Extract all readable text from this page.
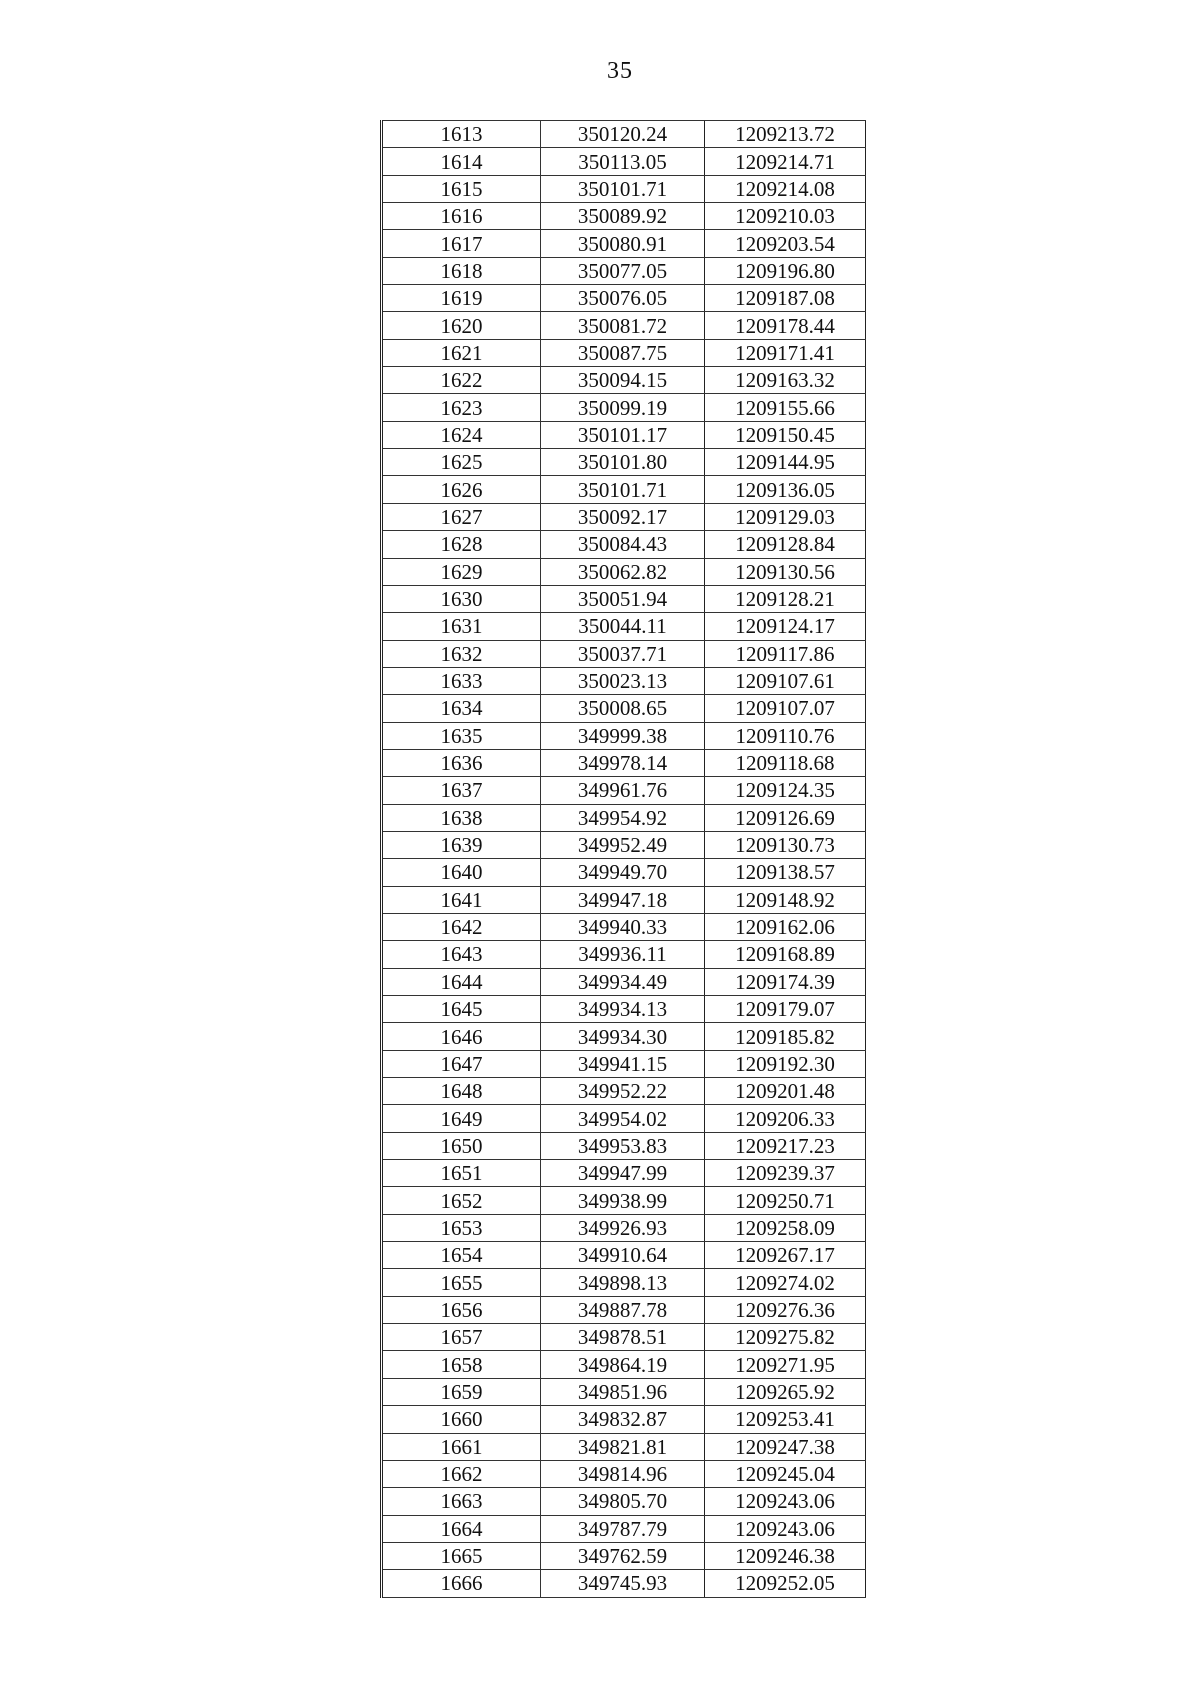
35
1613	350120.24	1209213.72
1614	350113.05	1209214.71
1615	350101.71	1209214.08
1616	350089.92	1209210.03
1617	350080.91	1209203.54
1618	350077.05	1209196.80
1619	350076.05	1209187.08
1620	350081.72	1209178.44
1621	350087.75	1209171.41
1622	350094.15	1209163.32
1623	350099.19	1209155.66
1624	350101.17	1209150.45
1625	350101.80	1209144.95
1626	350101.71	1209136.05
1627	350092.17	1209129.03
1628	350084.43	1209128.84
1629	350062.82	1209130.56
1630	350051.94	1209128.21
1631	350044.11	1209124.17
1632	350037.71	1209117.86
1633	350023.13	1209107.61
1634	350008.65	1209107.07
1635	349999.38	1209110.76
1636	349978.14	1209118.68
1637	349961.76	1209124.35
1638	349954.92	1209126.69
1639	349952.49	1209130.73
1640	349949.70	1209138.57
1641	349947.18	1209148.92
1642	349940.33	1209162.06
1643	349936.11	1209168.89
1644	349934.49	1209174.39
1645	349934.13	1209179.07
1646	349934.30	1209185.82
1647	349941.15	1209192.30
1648	349952.22	1209201.48
1649	349954.02	1209206.33
1650	349953.83	1209217.23
1651	349947.99	1209239.37
1652	349938.99	1209250.71
1653	349926.93	1209258.09
1654	349910.64	1209267.17
1655	349898.13	1209274.02
1656	349887.78	1209276.36
1657	349878.51	1209275.82
1658	349864.19	1209271.95
1659	349851.96	1209265.92
1660	349832.87	1209253.41
1661	349821.81	1209247.38
1662	349814.96	1209245.04
1663	349805.70	1209243.06
1664	349787.79	1209243.06
1665	349762.59	1209246.38
1666	349745.93	1209252.05
